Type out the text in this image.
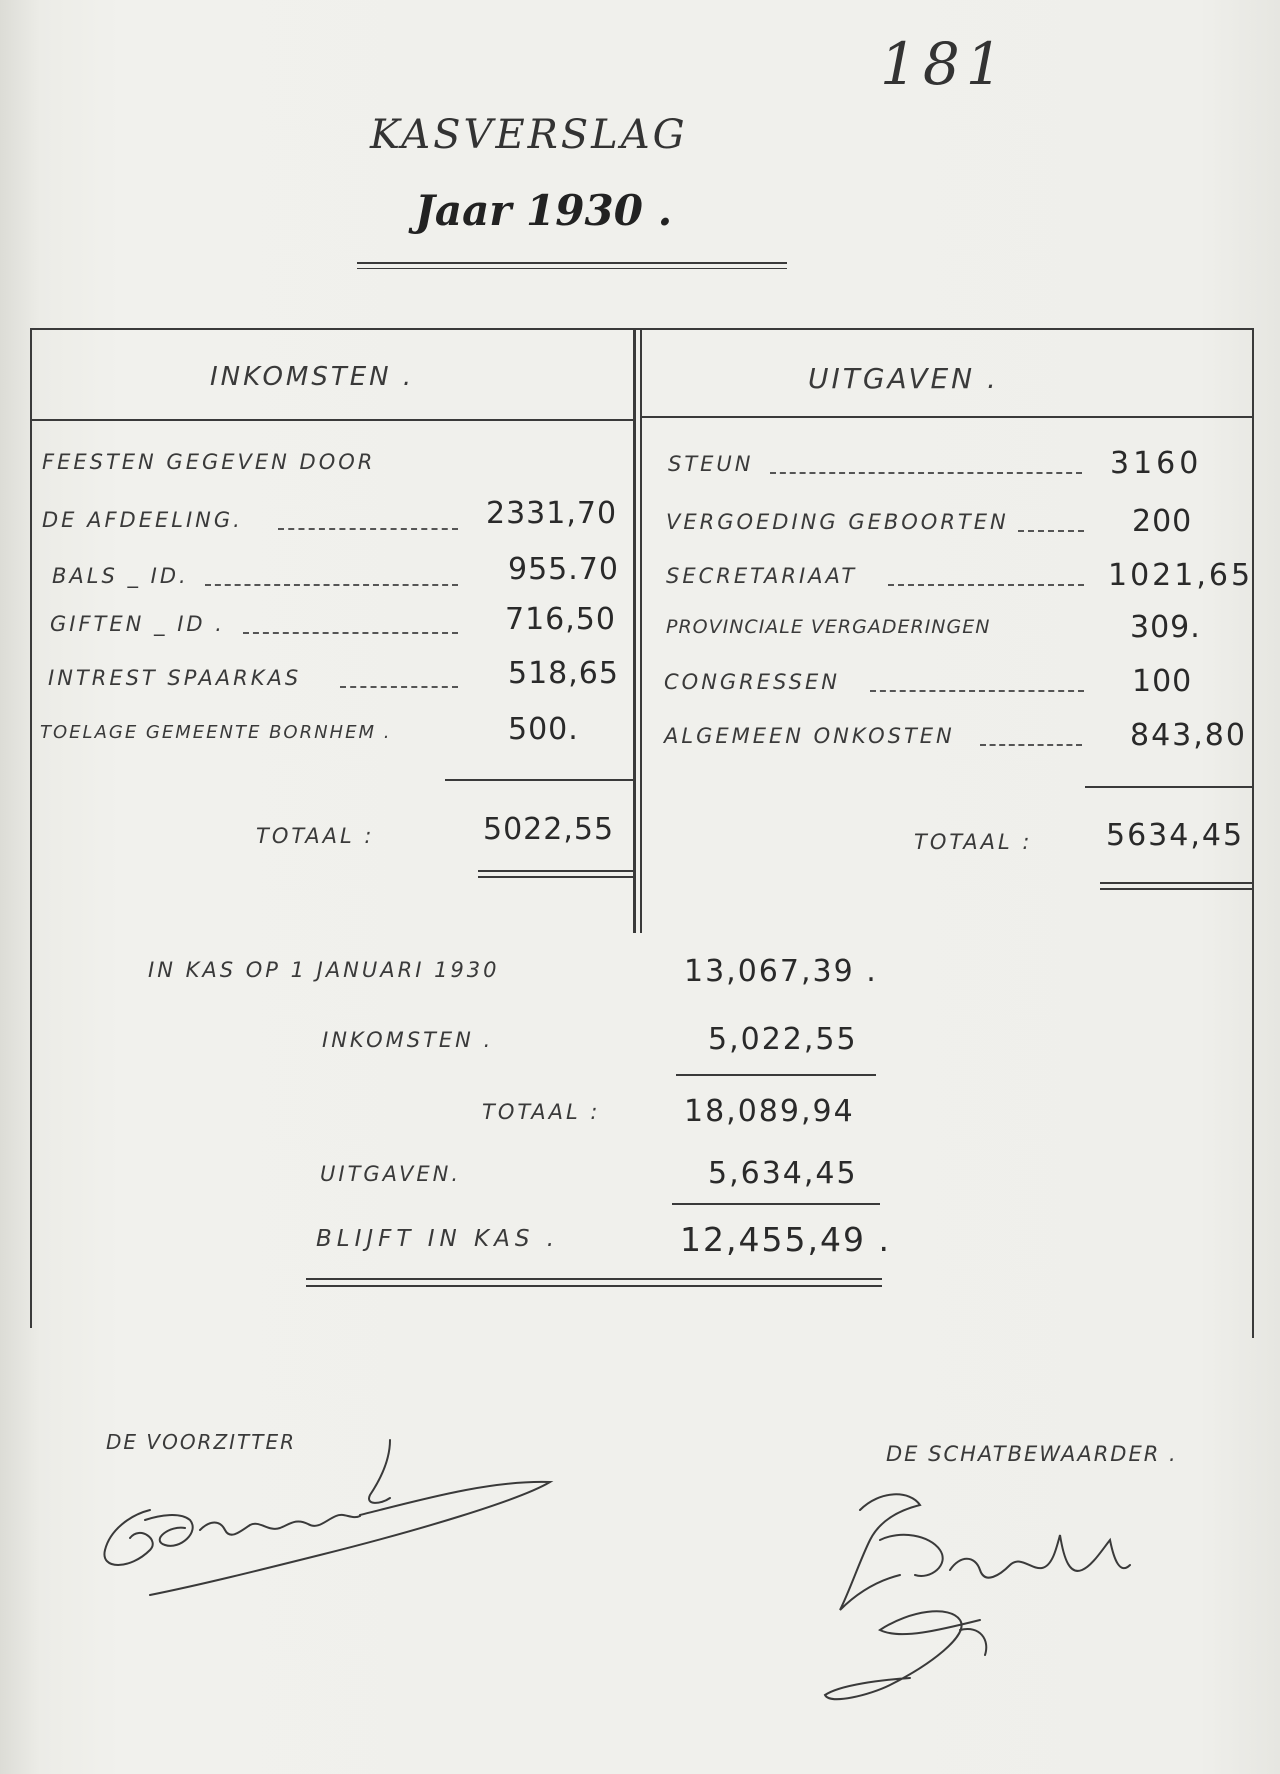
181
KASVERSLAG
Jaar 1930 .
INKOMSTEN .	UITGAVEN .
FEESTEN GEGEVEN DOOR
DE AFDEELING.	2331,70
BALS _ ID.	955.70
GIFTEN _ ID .	716,50
INTREST SPAARKAS	518,65
TOELAGE GEMEENTE BORNHEM .	500.
TOTAAL :	5022,55
STEUN	3160
VERGOEDING GEBOORTEN	200
SECRETARIAAT	1021,65
PROVINCIALE VERGADERINGEN	309.
CONGRESSEN	100
ALGEMEEN ONKOSTEN	843,80
TOTAAL : 5634,45
IN KAS OP 1 JANUARI 1930	13,067,39 .
INKOMSTEN .	5,022,55
TOTAAL :	18,089,94
UITGAVEN.	5,634,45
BLIJFT IN KAS .	12,455,49 .
DE VOORZITTER	DE SCHATBEWAARDER .
